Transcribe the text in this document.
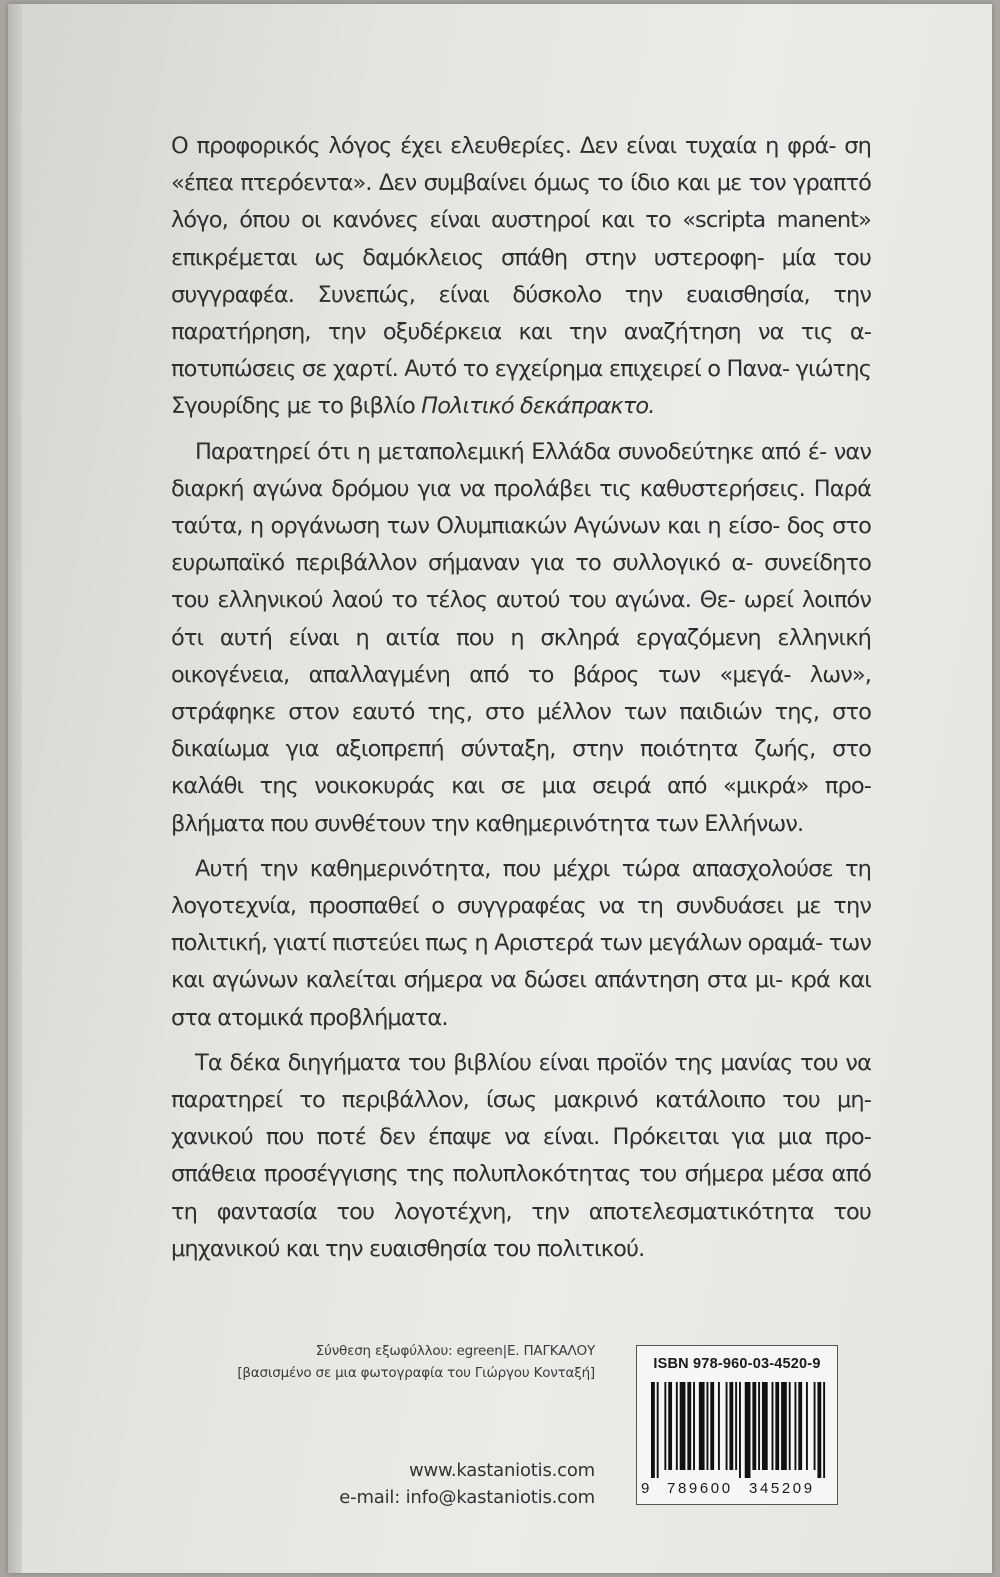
Ο προφορικός λόγος έχει ελευθερίες. Δεν είναι τυχαία η φρά- ση «έπεα πτερόεντα». Δεν συμβαίνει όμως το ίδιο και με τον γραπτό λόγο, όπου οι κανόνες είναι αυστηροί και το «scripta manent» επικρέμεται ως δαμόκλειος σπάθη στην υστεροφη- μία του συγγραφέα. Συνεπώς, είναι δύσκολο την ευαισθησία, την παρατήρηση, την οξυδέρκεια και την αναζήτηση να τις α- ποτυπώσεις σε χαρτί. Αυτό το εγχείρημα επιχειρεί ο Πανα- γιώτης Σγουρίδης με το βιβλίο Πολιτικό δεκάπρακτο.

Παρατηρεί ότι η μεταπολεμική Ελλάδα συνοδεύτηκε από έ- ναν διαρκή αγώνα δρόμου για να προλάβει τις καθυστερήσεις. Παρά ταύτα, η οργάνωση των Ολυμπιακών Αγώνων και η είσο- δος στο ευρωπαϊκό περιβάλλον σήμαναν για το συλλογικό α- συνείδητο του ελληνικού λαού το τέλος αυτού του αγώνα. Θε- ωρεί λοιπόν ότι αυτή είναι η αιτία που η σκληρά εργαζόμενη ελληνική οικογένεια, απαλλαγμένη από το βάρος των «μεγά- λων», στράφηκε στον εαυτό της, στο μέλλον των παιδιών της, στο δικαίωμα για αξιοπρεπή σύνταξη, στην ποιότητα ζωής, στο καλάθι της νοικοκυράς και σε μια σειρά από «μικρά» προ- βλήματα που συνθέτουν την καθημερινότητα των Ελλήνων.

Αυτή την καθημερινότητα, που μέχρι τώρα απασχολούσε τη λογοτεχνία, προσπαθεί ο συγγραφέας να τη συνδυάσει με την πολιτική, γιατί πιστεύει πως η Αριστερά των μεγάλων οραμά- των και αγώνων καλείται σήμερα να δώσει απάντηση στα μι- κρά και στα ατομικά προβλήματα.

Τα δέκα διηγήματα του βιβλίου είναι προϊόν της μανίας του να παρατηρεί το περιβάλλον, ίσως μακρινό κατάλοιπο του μη- χανικού που ποτέ δεν έπαψε να είναι. Πρόκειται για μια προ- σπάθεια προσέγγισης της πολυπλοκότητας του σήμερα μέσα από τη φαντασία του λογοτέχνη, την αποτελεσματικότητα του μηχανικού και την ευαισθησία του πολιτικού.

Σύνθεση εξωφύλλου: egreen|Ε. ΠΑΓΚΑΛΟΥ
[βασισμένο σε μια φωτογραφία του Γιώργου Κονταξή]
www.kastaniotis.com
e-mail: info@kastaniotis.com
ISBN 978-960-03-4520-9
9 789600 345209
